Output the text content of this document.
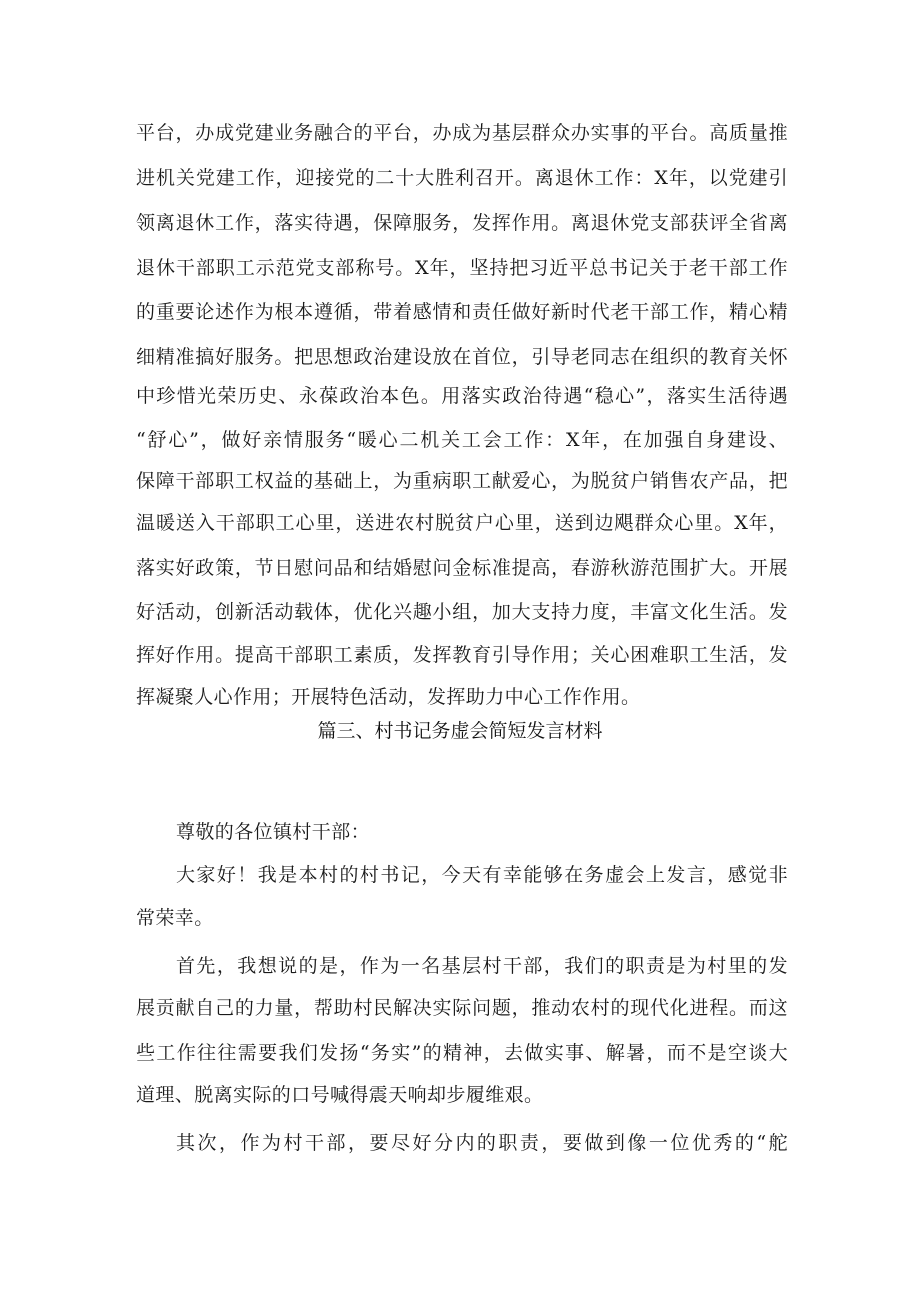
平台，办成党建业务融合的平台，办成为基层群众办实事的平台。高质量推
进机关党建工作，迎接党的二十大胜利召开。离退休工作：X年，以党建引
领离退休工作，落实待遇，保障服务，发挥作用。离退休党支部获评全省离
退休干部职工示范党支部称号。X年，坚持把习近平总书记关于老干部工作
的重要论述作为根本遵循，带着感情和责任做好新时代老干部工作，精心精
细精准搞好服务。把思想政治建设放在首位，引导老同志在组织的教育关怀
中珍惜光荣历史、永葆政治本色。用落实政治待遇“稳心”，落实生活待遇
“舒心”，做好亲情服务“暖心二机关工会工作：X年，在加强自身建设、
保障干部职工权益的基础上，为重病职工献爱心，为脱贫户销售农产品，把
温暖送入干部职工心里，送进农村脱贫户心里，送到边飓群众心里。X年，
落实好政策，节日慰问品和结婚慰问金标准提高，春游秋游范围扩大。开展
好活动，创新活动载体，优化兴趣小组，加大支持力度，丰富文化生活。发
挥好作用。提高干部职工素质，发挥教育引导作用；关心困难职工生活，发
挥凝聚人心作用；开展特色活动，发挥助力中心工作作用。
篇三、村书记务虚会简短发言材料
尊敬的各位镇村干部：
大家好！我是本村的村书记，今天有幸能够在务虚会上发言，感觉非
常荣幸。
首先，我想说的是，作为一名基层村干部，我们的职责是为村里的发
展贡献自己的力量，帮助村民解决实际问题，推动农村的现代化进程。而这
些工作往往需要我们发扬“务实”的精神，去做实事、解暑，而不是空谈大
道理、脱离实际的口号喊得震天响却步履维艰。
其次，作为村干部，要尽好分内的职责，要做到像一位优秀的“舵
